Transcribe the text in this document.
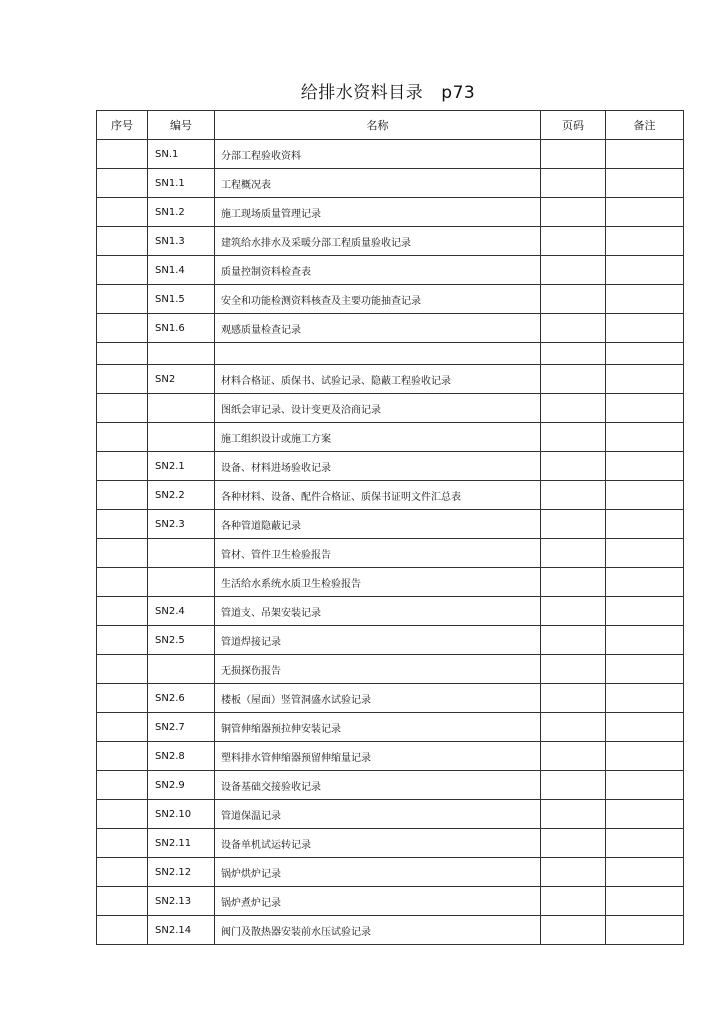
给排水资料目录 p73
序号	编号	名称	页码	备注
	SN.1	分部工程验收资料		
	SN1.1	工程概况表		
	SN1.2	施工现场质量管理记录		
	SN1.3	建筑给水排水及采暖分部工程质量验收记录		
	SN1.4	质量控制资料检查表		
	SN1.5	安全和功能检测资料核查及主要功能抽查记录		
	SN1.6	观感质量检查记录		

	SN2	材料合格证、质保书、试验记录、隐蔽工程验收记录		
		图纸会审记录、设计变更及洽商记录		
		施工组织设计或施工方案		
	SN2.1	设备、材料进场验收记录		
	SN2.2	各种材料、设备、配件合格证、质保书证明文件汇总表		
	SN2.3	各种管道隐蔽记录		
		管材、管件卫生检验报告		
		生活给水系统水质卫生检验报告		
	SN2.4	管道支、吊架安装记录		
	SN2.5	管道焊接记录		
		无损探伤报告		
	SN2.6	楼板（屋面）竖管洞盛水试验记录		
	SN2.7	铜管伸缩器预拉伸安装记录		
	SN2.8	塑料排水管伸缩器预留伸缩量记录		
	SN2.9	设备基础交接验收记录		
	SN2.10	管道保温记录		
	SN2.11	设备单机试运转记录		
	SN2.12	锅炉烘炉记录		
	SN2.13	锅炉煮炉记录		
	SN2.14	阀门及散热器安装前水压试验记录		
